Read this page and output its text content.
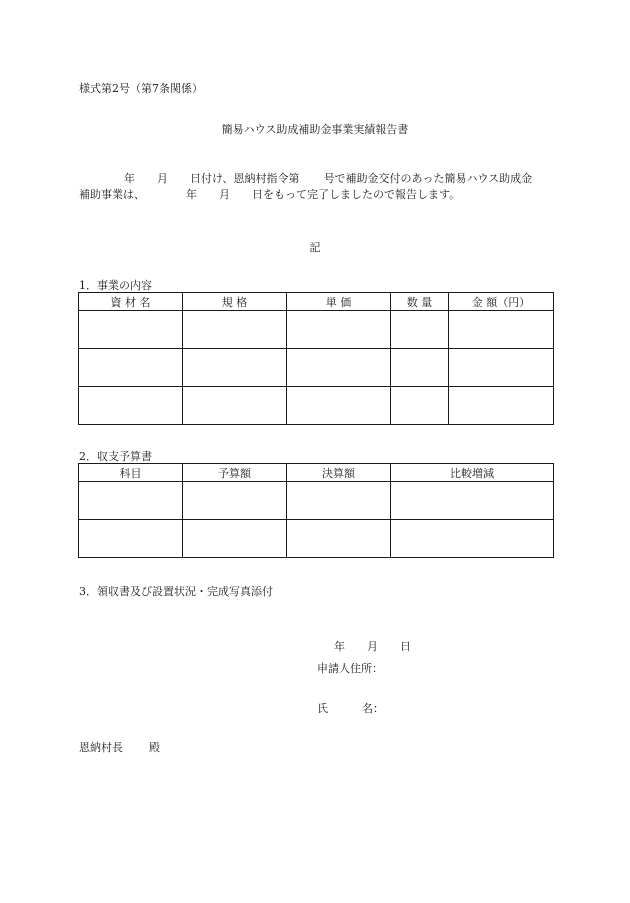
様式第2号（第7条関係）
簡易ハウス助成補助金事業実績報告書
年 月 日付け、恩納村指令第 号で補助金交付のあった簡易ハウス助成金
補助事業は、	年 月 日をもって完了しましたので報告します。
記
1．事業の内容
資 材 名	規 格	単 価	数 量	金 額（円）

2．収支予算書
科目	予算額	決算額	比較増減

3．領収書及び設置状況・完成写真添付
年 月 日
申請人住所：
氏	名：
恩納村長 殿
